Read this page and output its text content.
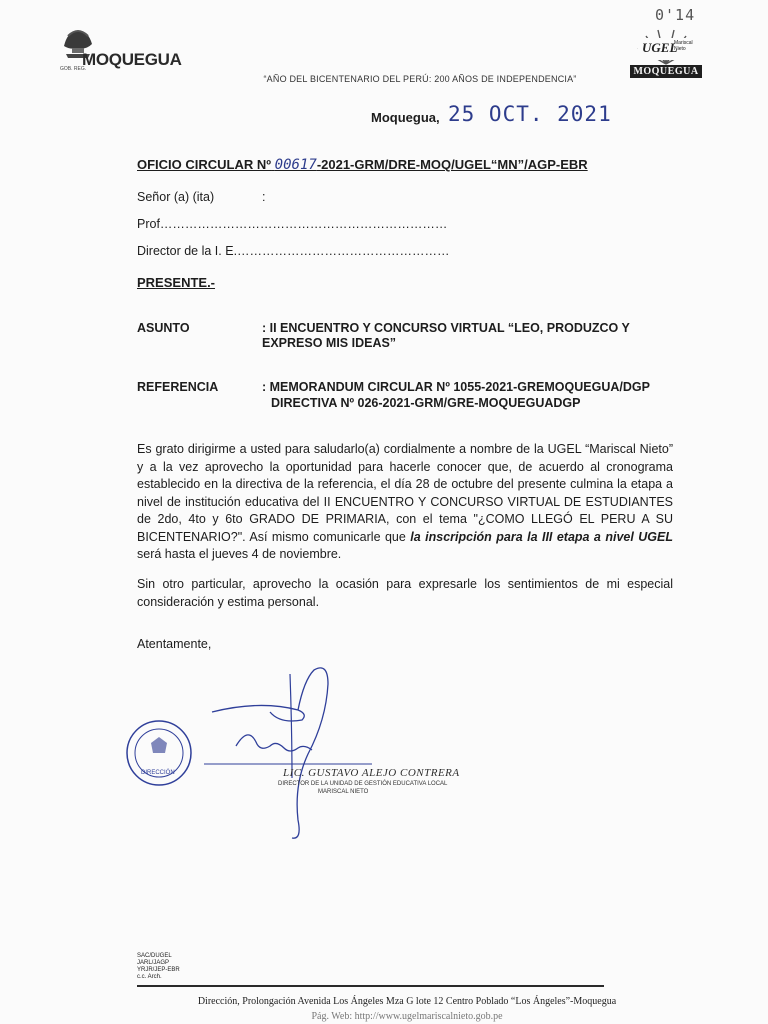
0'14
GOB. REG.
MOQUEGUA
UGEL
Mariscal Nieto
MOQUEGUA
“AÑO DEL BICENTENARIO DEL PERÚ: 200 AÑOS DE INDEPENDENCIA”
Moquegua, 25 OCT. 2021
OFICIO CIRCULAR Nº 00617-2021-GRM/DRE-MOQ/UGEL“MN”/AGP-EBR
Señor (a) (ita)	:
Prof……………………………………………………………
Director de la I. E.……………………………………………
PRESENTE.-
ASUNTO	: II ENCUENTRO Y CONCURSO VIRTUAL “LEO, PRODUZCO Y EXPRESO MIS IDEAS”
REFERENCIA	: MEMORANDUM CIRCULAR Nº 1055-2021-GREMOQUEGUA/DGP
DIRECTIVA Nº 026-2021-GRM/GRE-MOQUEGUADGP
Es grato dirigirme a usted para saludarlo(a) cordialmente a nombre de la UGEL “Mariscal Nieto” y a la vez aprovecho la oportunidad para hacerle conocer que, de acuerdo al cronograma establecido en la directiva de la referencia, el día 28 de octubre del presente culmina la etapa a nivel de institución educativa del II ENCUENTRO Y CONCURSO VIRTUAL DE ESTUDIANTES de 2do, 4to y 6to GRADO DE PRIMARIA, con el tema "¿COMO LLEGÓ EL PERU A SU BICENTENARIO?". Así mismo comunicarle que la inscripción para la III etapa a nivel UGEL será hasta el jueves 4 de noviembre.
Sin otro particular, aprovecho la ocasión para expresarle los sentimientos de mi especial consideración y estima personal.
Atentamente,
DIRECCIÓN	LIC. GUSTAVO ALEJO CONTRERA
DIRECTOR DE LA UNIDAD DE GESTIÓN EDUCATIVA LOCAL
MARISCAL NIETO
SAC/DUGEL
JARL/JAGP
YRJR/JEP-EBR
c.c. Arch.
Dirección, Prolongación Avenida Los Ángeles Mza G lote 12 Centro Poblado “Los Ángeles”-Moquegua
Pág. Web: http://www.ugelmariscalnieto.gob.pe
